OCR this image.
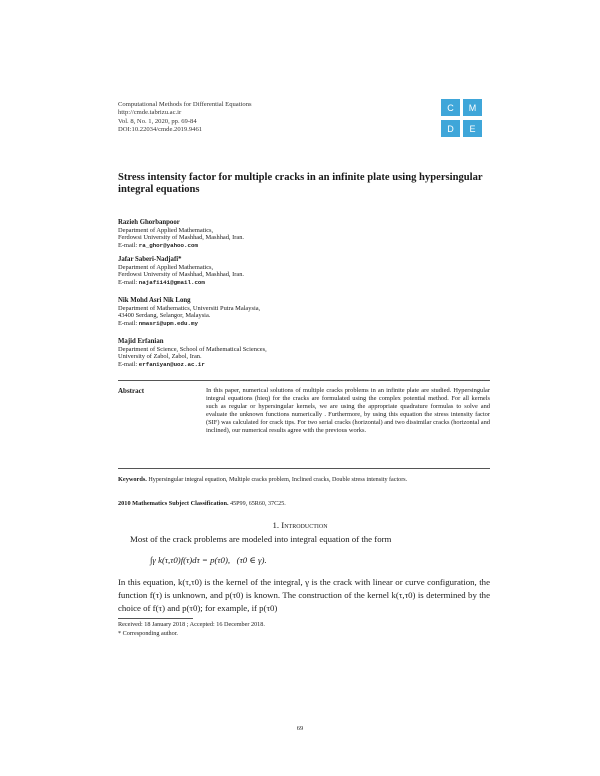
Computational Methods for Differential Equations
http://cmde.tabrizu.ac.ir
Vol. 8, No. 1, 2020, pp. 69-84
DOI:10.22034/cmde.2019.9461
C	M
D	E
Stress intensity factor for multiple cracks in an infinite plate using hypersingular integral equations
Razieh Ghorbanpoor
Department of Applied Mathematics,
Ferdowsi University of Mashhad, Mashhad, Iran.
E-mail: ra_ghor@yahoo.com
Jafar Saberi-Nadjafi*
Department of Applied Mathematics,
Ferdowsi University of Mashhad, Mashhad, Iran.
E-mail: najafi141@gmail.com
Nik Mohd Asri Nik Long
Department of Mathematics, Universiti Putra Malaysia,
43400 Serdang, Selangor, Malaysia.
E-mail: nmasri@upm.edu.my
Majid Erfanian
Department of Science, School of Mathematical Sciences,
University of Zabol, Zabol, Iran.
E-mail: erfaniyan@uoz.ac.ir
Abstract	In this paper, numerical solutions of multiple cracks problems in an infinite plate are studied. Hypersingular integral equations (hieq) for the cracks are formulated using the complex potential method. For all kernels such as regular or hypersingular kernels, we are using the appropriate quadrature formulas to solve and evaluate the unknown functions numerically . Furthermore, by using this equation the stress intensity factor (SIF) was calculated for crack tips. For two serial cracks (horizontal) and two dissimilar cracks (horizontal and inclined), our numerical results agree with the previous works.
Keywords. Hypersingular integral equation, Multiple cracks problem, Inclined cracks, Double stress intensity factors.
2010 Mathematics Subject Classification. 45P99, 65R60, 37C25.
1. Introduction
Most of the crack problems are modeled into integral equation of the form
∫γ k(τ,τ0)f(τ)dτ = p(τ0),   (τ0 ∈ γ).
In this equation, k(τ,τ0) is the kernel of the integral, γ is the crack with linear or curve configuration, the function f(τ) is unknown, and p(τ0) is known. The construction of the kernel k(τ,τ0) is determined by the choice of f(τ) and p(τ0); for example, if p(τ0)
Received: 18 January 2018 ; Accepted: 16 December 2018.
* Corresponding author.
69
